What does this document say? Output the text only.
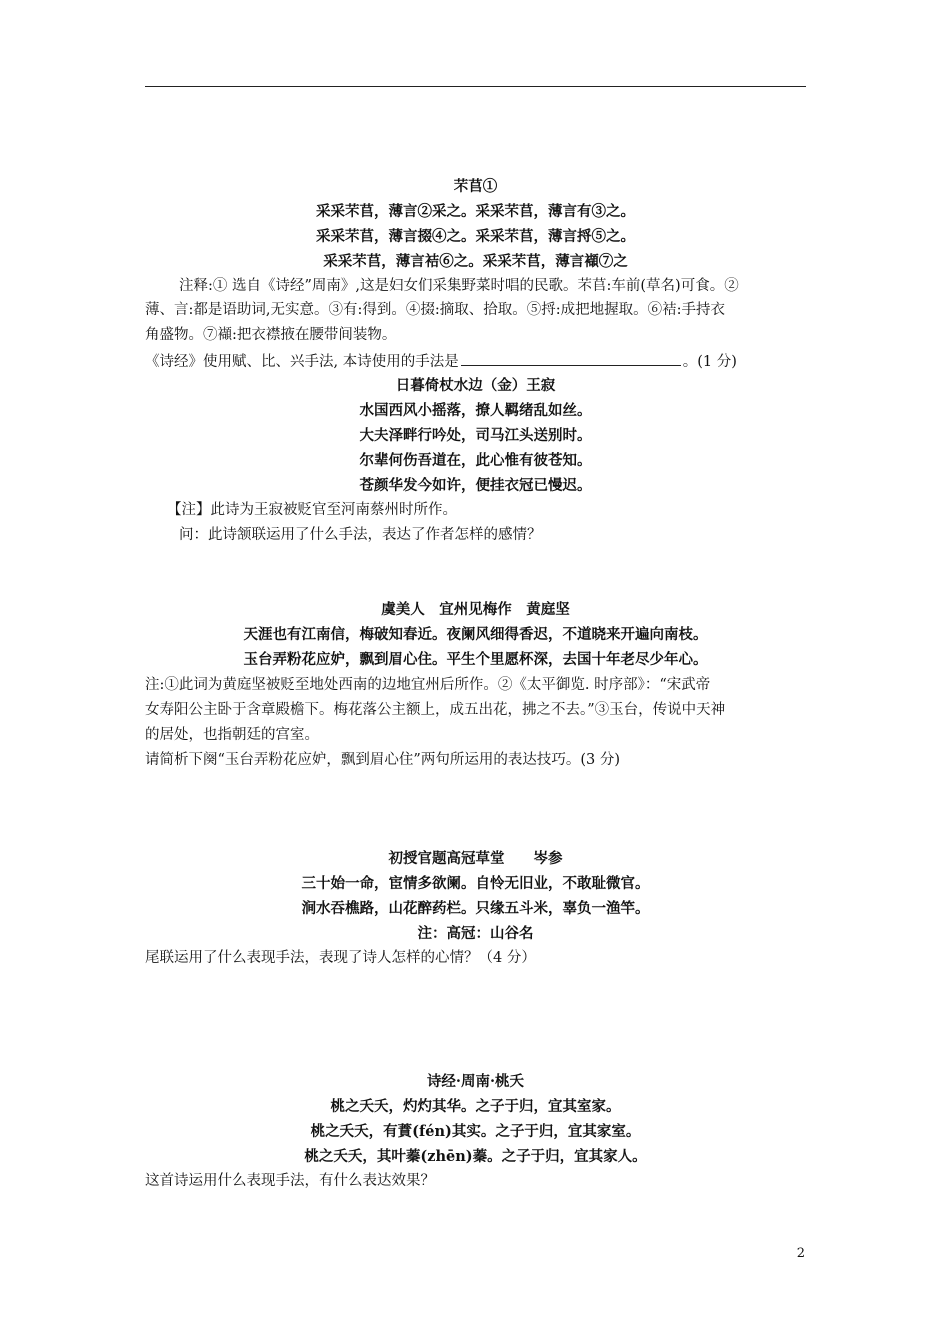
芣苢①
采采芣苢，薄言②采之。采采芣苢，薄言有③之。
采采芣苢，薄言掇④之。采采芣苢，薄言捋⑤之。
采采芣苢，薄言袺⑥之。采采芣苢，薄言襭⑦之
注释:① 选自《诗经”周南》,这是妇女们采集野菜时唱的民歌。芣苢:车前(草名)可食。②
薄、言:都是语助词,无实意。③有:得到。④掇:摘取、拾取。⑤捋:成把地握取。⑥袺:手持衣
角盛物。⑦襭:把衣襟掖在腰带间装物。
《诗经》使用赋、比、兴手法, 本诗使用的手法是	。(1 分)
日暮倚杖水边（金）王寂
水国西风小摇落，撩人羁绪乱如丝。
大夫泽畔行吟处，司马江头送别时。
尔辈何伤吾道在，此心惟有彼苍知。
苍颜华发今如许，便挂衣冠已慢迟。
【注】此诗为王寂被贬官至河南蔡州时所作。
问：此诗颔联运用了什么手法，表达了作者怎样的感情？
虞美人　宜州见梅作　黄庭坚
天涯也有江南信，梅破知春近。夜阑风细得香迟，不道晓来开遍向南枝。
玉台弄粉花应妒，飘到眉心住。平生个里愿杯深，去国十年老尽少年心。
注:①此词为黄庭坚被贬至地处西南的边地宜州后所作。②《太平御览. 时序部》：“宋武帝
女寿阳公主卧于含章殿檐下。梅花落公主额上，成五出花，拂之不去。”③玉台，传说中天神
的居处，也指朝廷的宫室。
请简析下阕“玉台弄粉花应妒，飘到眉心住”两句所运用的表达技巧。(3 分)
初授官题高冠草堂　　岑参
三十始一命，宦情多欲阑。自怜无旧业，不敢耻微官。
涧水吞樵路，山花醉药栏。只缘五斗米，辜负一渔竿。
注：高冠：山谷名
尾联运用了什么表现手法，表现了诗人怎样的心情？（4 分）
诗经·周南·桃夭
桃之夭夭，灼灼其华。之子于归，宜其室家。
桃之夭夭，有蕡(fén)其实。之子于归，宜其家室。
桃之夭夭，其叶蓁(zhēn)蓁。之子于归，宜其家人。
这首诗运用什么表现手法，有什么表达效果？
2
